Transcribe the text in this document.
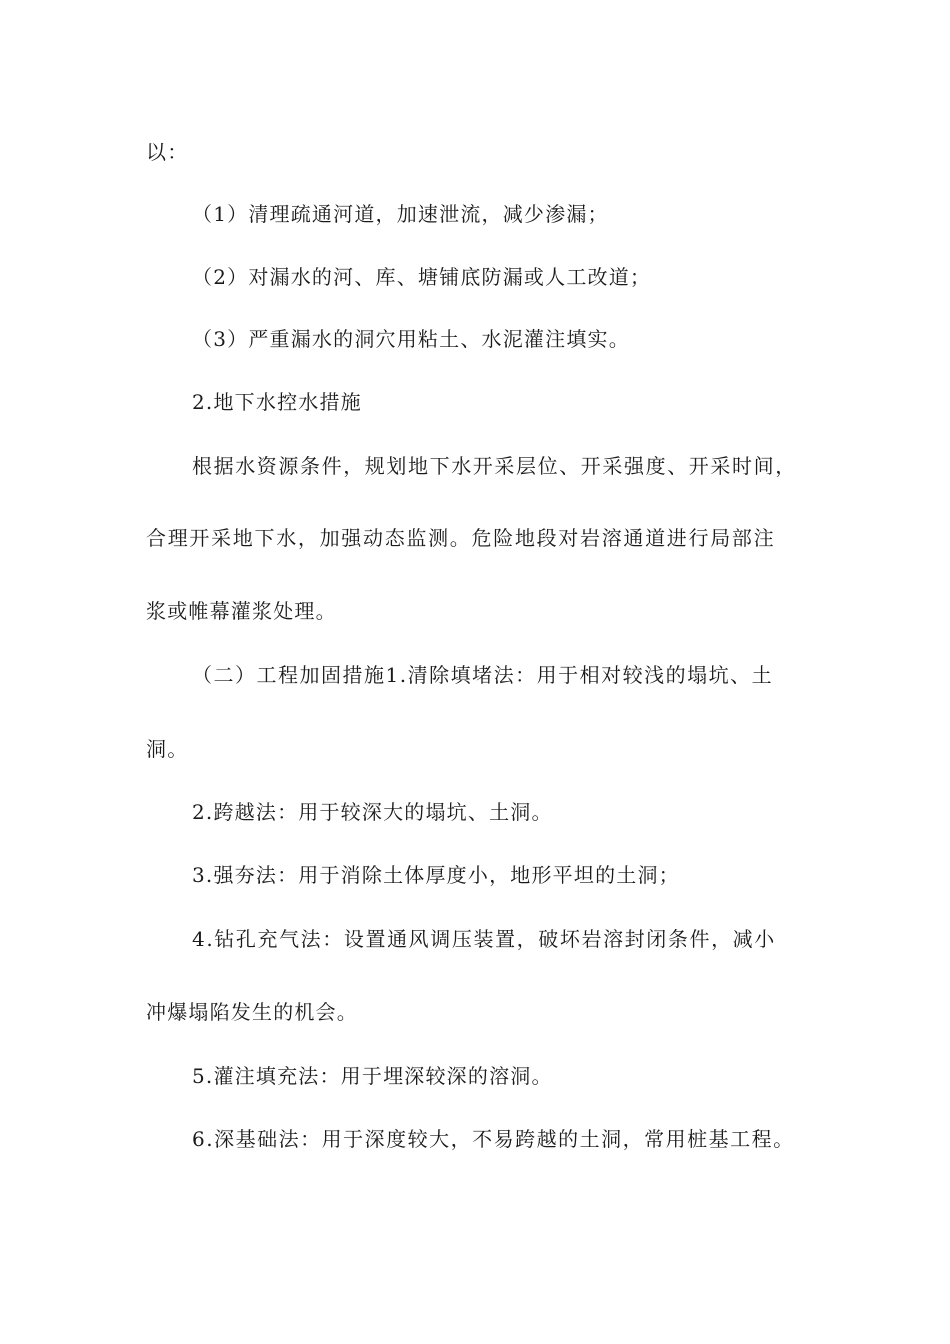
以：
（1）清理疏通河道，加速泄流，减少渗漏；
（2）对漏水的河、库、塘铺底防漏或人工改道；
（3）严重漏水的洞穴用粘土、水泥灌注填实。
2.地下水控水措施
根据水资源条件，规划地下水开采层位、开采强度、开采时间，
合理开采地下水，加强动态监测。危险地段对岩溶通道进行局部注
浆或帷幕灌浆处理。
（二）工程加固措施1.清除填堵法：用于相对较浅的塌坑、土
洞。
2.跨越法：用于较深大的塌坑、土洞。
3.强夯法：用于消除土体厚度小，地形平坦的土洞；
4.钻孔充气法：设置通风调压装置，破坏岩溶封闭条件，减小
冲爆塌陷发生的机会。
5.灌注填充法：用于埋深较深的溶洞。
6.深基础法：用于深度较大，不易跨越的土洞，常用桩基工程。
